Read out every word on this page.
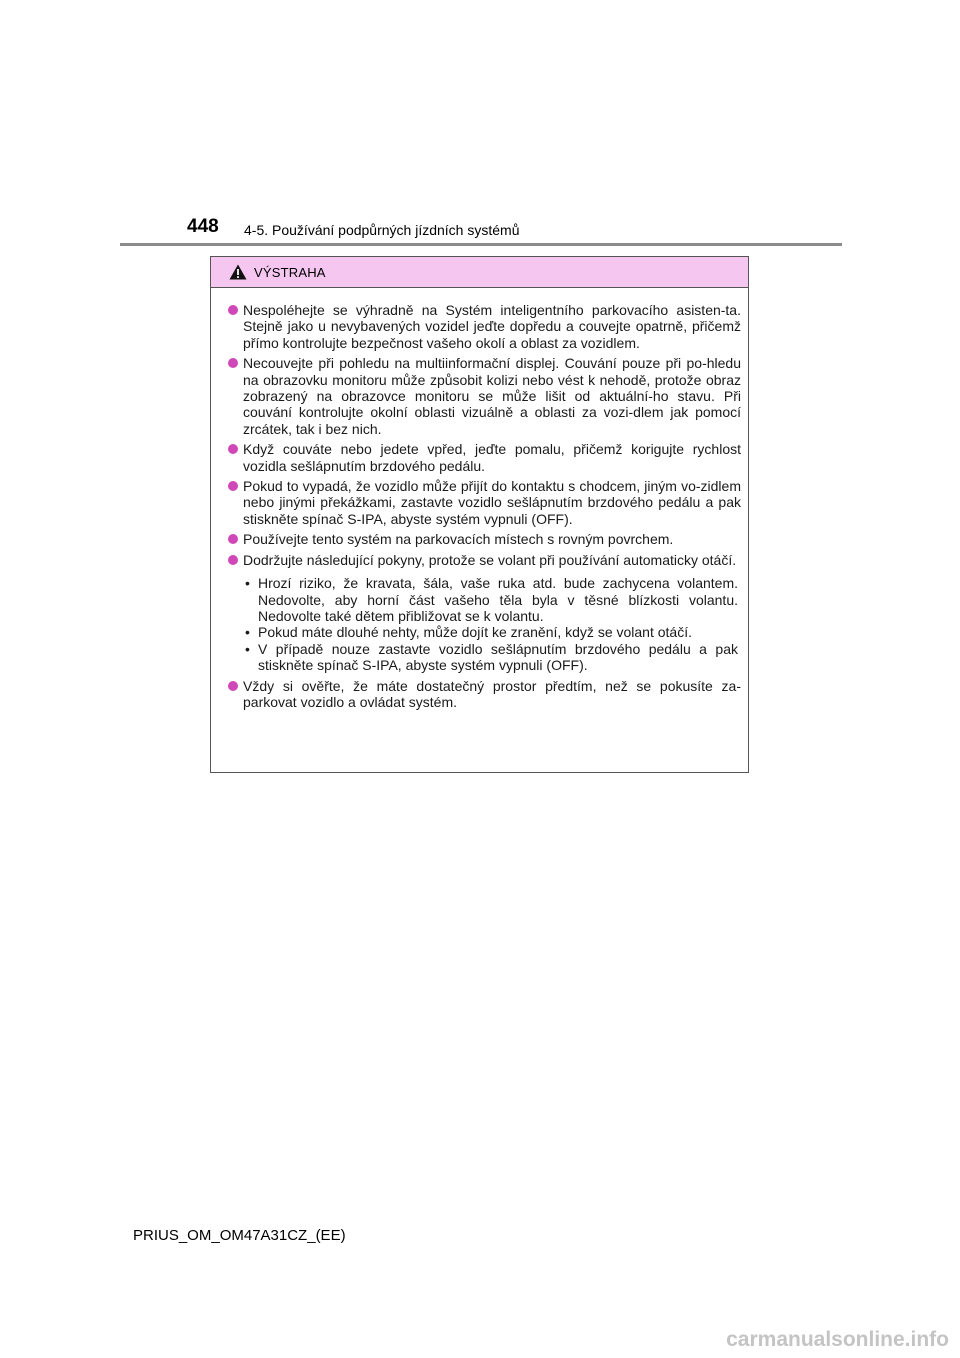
448 4-5. Používání podpůrných jízdních systémů
VÝSTRAHA
Nespoléhejte se výhradně na Systém inteligentního parkovacího asisten-ta. Stejně jako u nevybavených vozidel jeďte dopředu a couvejte opatrně, přičemž přímo kontrolujte bezpečnost vašeho okolí a oblast za vozidlem.
Necouvejte při pohledu na multiinformační displej. Couvání pouze při po-hledu na obrazovku monitoru může způsobit kolizi nebo vést k nehodě, protože obraz zobrazený na obrazovce monitoru se může lišit od aktuální-ho stavu. Při couvání kontrolujte okolní oblasti vizuálně a oblasti za vozi-dlem jak pomocí zrcátek, tak i bez nich.
Když couváte nebo jedete vpřed, jeďte pomalu, přičemž korigujte rychlost vozidla sešlápnutím brzdového pedálu.
Pokud to vypadá, že vozidlo může přijít do kontaktu s chodcem, jiným vo-zidlem nebo jinými překážkami, zastavte vozidlo sešlápnutím brzdového pedálu a pak stiskněte spínač S-IPA, abyste systém vypnuli (OFF).
Používejte tento systém na parkovacích místech s rovným povrchem.
Dodržujte následující pokyny, protože se volant při používání automaticky otáčí.
• Hrozí riziko, že kravata, šála, vaše ruka atd. bude zachycena volantem. Nedovolte, aby horní část vašeho těla byla v těsné blízkosti volantu. Nedovolte také dětem přibližovat se k volantu.
• Pokud máte dlouhé nehty, může dojít ke zranění, když se volant otáčí.
• V případě nouze zastavte vozidlo sešlápnutím brzdového pedálu a pak stiskněte spínač S-IPA, abyste systém vypnuli (OFF).
Vždy si ověřte, že máte dostatečný prostor předtím, než se pokusíte za-parkovat vozidlo a ovládat systém.
PRIUS_OM_OM47A31CZ_(EE)
carmanualsonline.info
